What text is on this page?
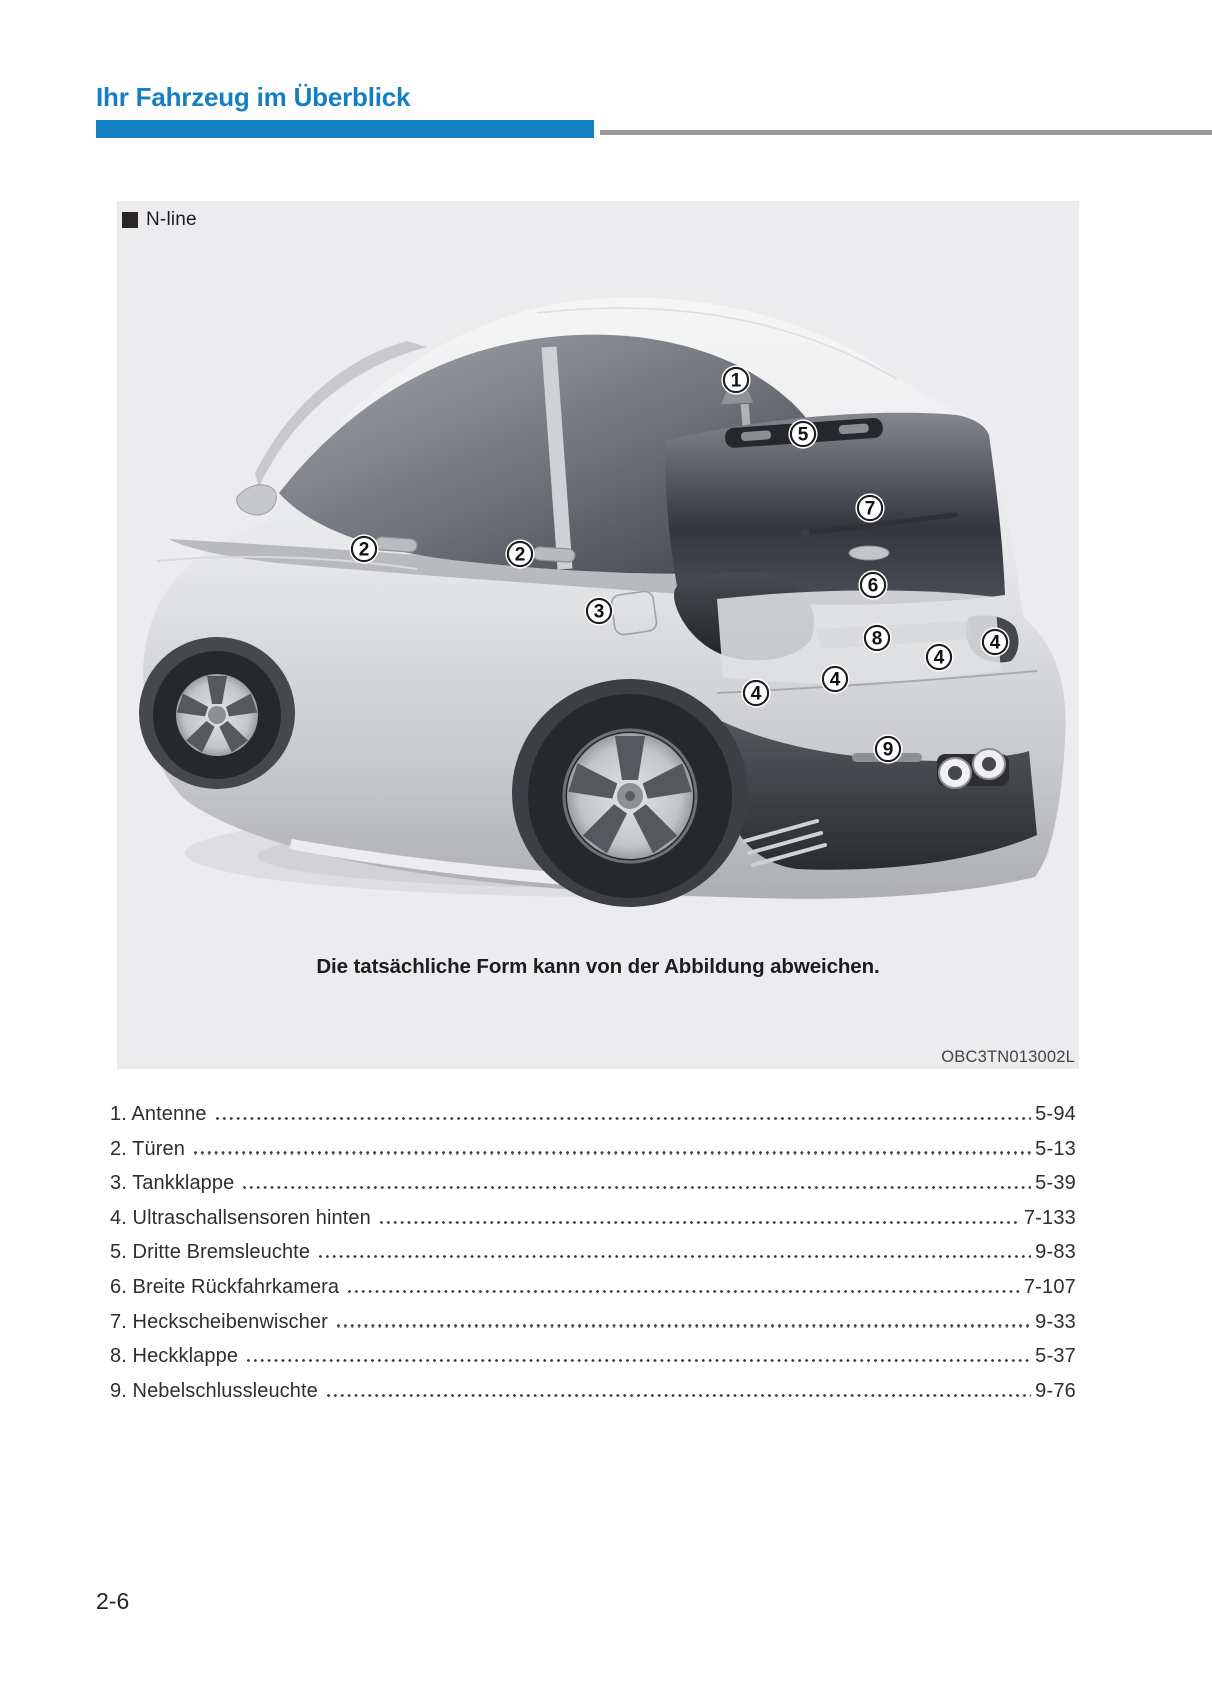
Ihr Fahrzeug im Überblick
1
5
7
2	2
6
3
8	4
4
4
4
9
N-line
Die tatsächliche Form kann von der Abbildung abweichen.
OBC3TN013002L
1. Antenne	5-94
2. Türen	5-13
3. Tankklappe	5-39
4. Ultraschallsensoren hinten	7-133
5. Dritte Bremsleuchte	9-83
6. Breite Rückfahrkamera	7-107
7. Heckscheibenwischer	9-33
8. Heckklappe	5-37
9. Nebelschlussleuchte	9-76
2-6
